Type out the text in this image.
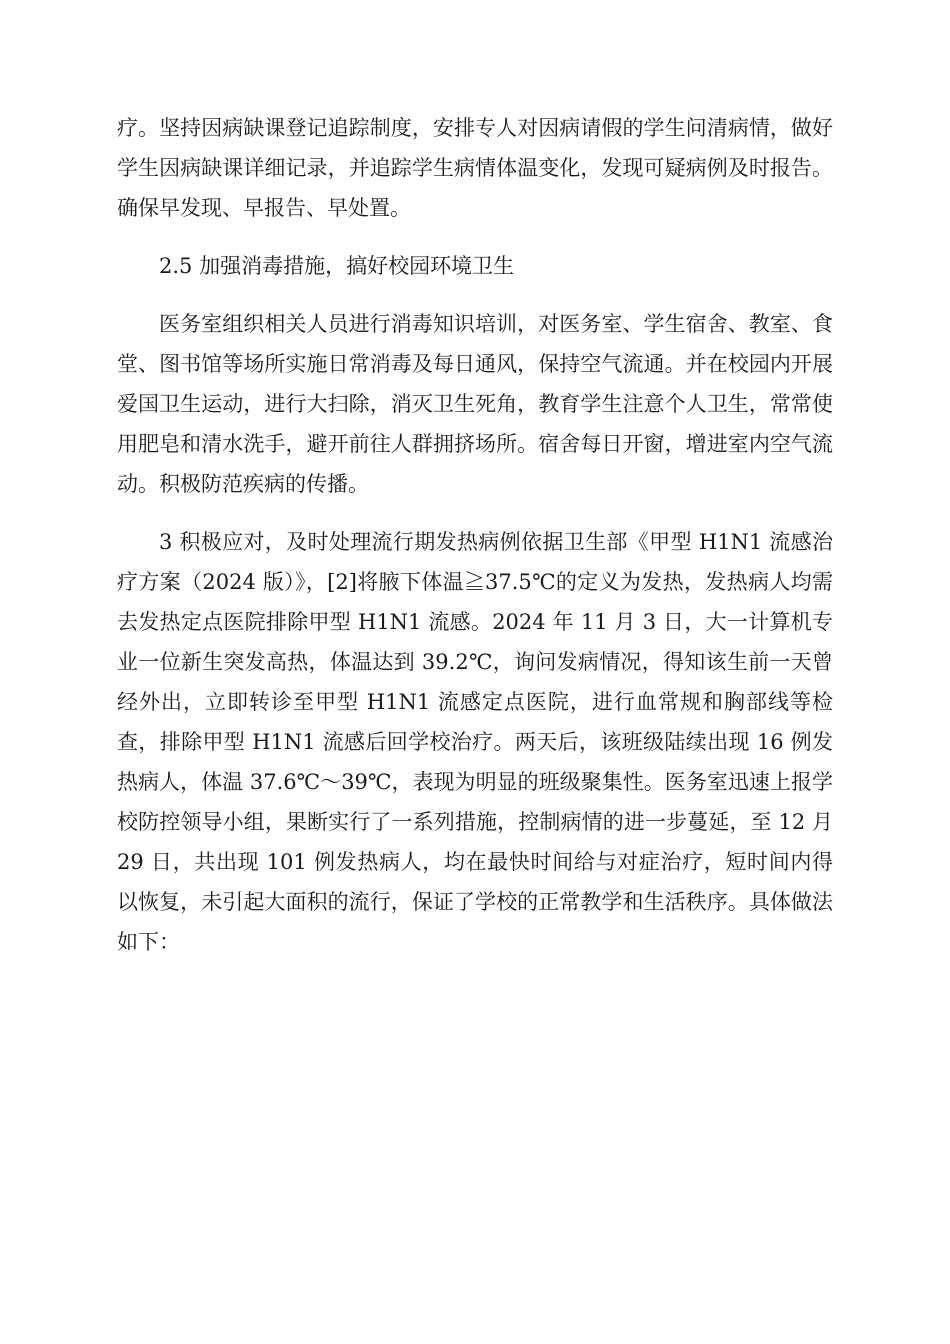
疗。坚持因病缺课登记追踪制度，安排专人对因病请假的学生问清病情，做好学生因病缺课详细记录，并追踪学生病情体温变化，发现可疑病例及时报告。确保早发现、早报告、早处置。

2.5 加强消毒措施，搞好校园环境卫生

医务室组织相关人员进行消毒知识培训，对医务室、学生宿舍、教室、食堂、图书馆等场所实施日常消毒及每日通风，保持空气流通。并在校园内开展爱国卫生运动，进行大扫除，消灭卫生死角，教育学生注意个人卫生，常常使用肥皂和清水洗手，避开前往人群拥挤场所。宿舍每日开窗，增进室内空气流动。积极防范疾病的传播。

3 积极应对，及时处理流行期发热病例依据卫生部《甲型 H1N1 流感治疗方案（2024 版）》，[2]将腋下体温≧37.5℃的定义为发热，发热病人均需去发热定点医院排除甲型 H1N1 流感。2024 年 11 月 3 日，大一计算机专业一位新生突发高热，体温达到 39.2℃，询问发病情况，得知该生前一天曾经外出，立即转诊至甲型 H1N1 流感定点医院，进行血常规和胸部线等检查，排除甲型 H1N1 流感后回学校治疗。两天后，该班级陆续出现 16 例发热病人，体温 37.6℃～39℃，表现为明显的班级聚集性。医务室迅速上报学校防控领导小组，果断实行了一系列措施，控制病情的进一步蔓延，至 12 月 29 日，共出现 101 例发热病人，均在最快时间给与对症治疗，短时间内得以恢复，未引起大面积的流行，保证了学校的正常教学和生活秩序。具体做法如下：
